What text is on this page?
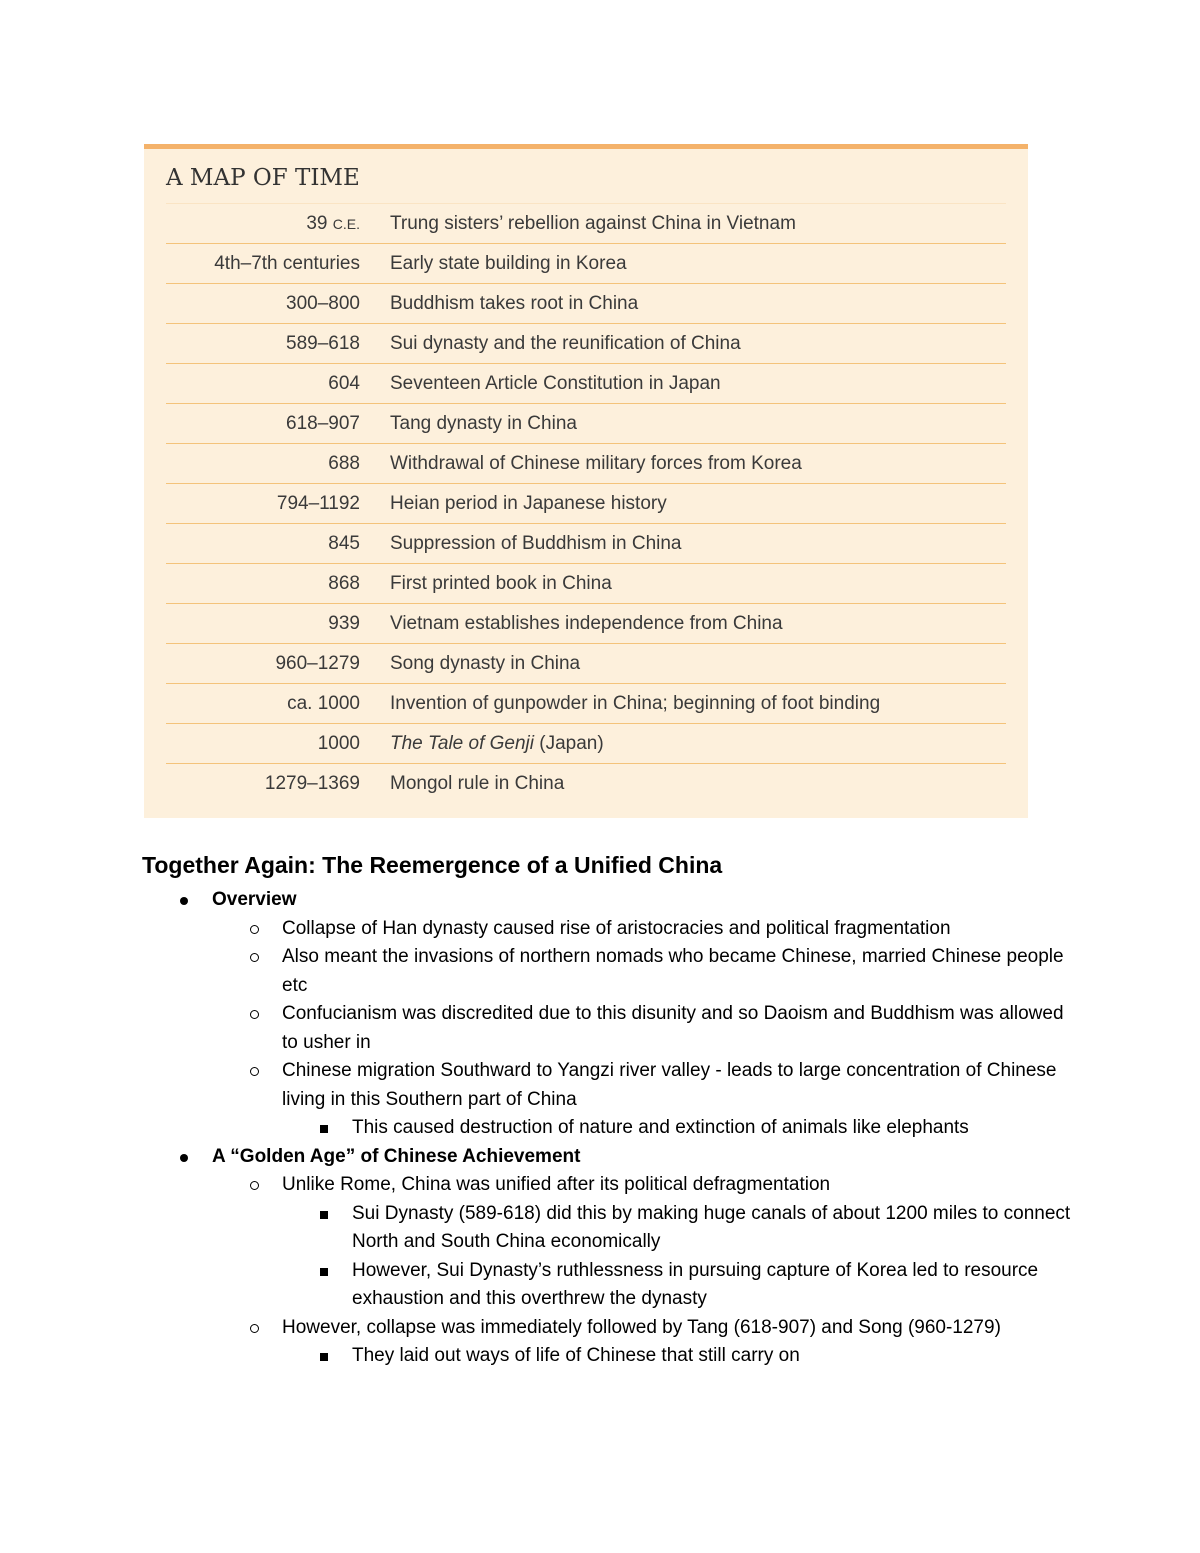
A MAP OF TIME
39 C.E. Trung sisters’ rebellion against China in Vietnam
4th–7th centuries Early state building in Korea
300–800 Buddhism takes root in China
589–618 Sui dynasty and the reunification of China
604 Seventeen Article Constitution in Japan
618–907 Tang dynasty in China
688 Withdrawal of Chinese military forces from Korea
794–1192 Heian period in Japanese history
845 Suppression of Buddhism in China
868 First printed book in China
939 Vietnam establishes independence from China
960–1279 Song dynasty in China
ca. 1000 Invention of gunpowder in China; beginning of foot binding
1000 The Tale of Genji (Japan)
1279–1369 Mongol rule in China
Together Again: The Reemergence of a Unified China
Overview
Collapse of Han dynasty caused rise of aristocracies and political fragmentation
Also meant the invasions of northern nomads who became Chinese, married Chinese people etc
Confucianism was discredited due to this disunity and so Daoism and Buddhism was allowed to usher in
Chinese migration Southward to Yangzi river valley - leads to large concentration of Chinese living in this Southern part of China
This caused destruction of nature and extinction of animals like elephants
A “Golden Age” of Chinese Achievement
Unlike Rome, China was unified after its political defragmentation
Sui Dynasty (589-618) did this by making huge canals of about 1200 miles to connect North and South China economically
However, Sui Dynasty’s ruthlessness in pursuing capture of Korea led to resource exhaustion and this overthrew the dynasty
However, collapse was immediately followed by Tang (618-907) and Song (960-1279)
They laid out ways of life of Chinese that still carry on
